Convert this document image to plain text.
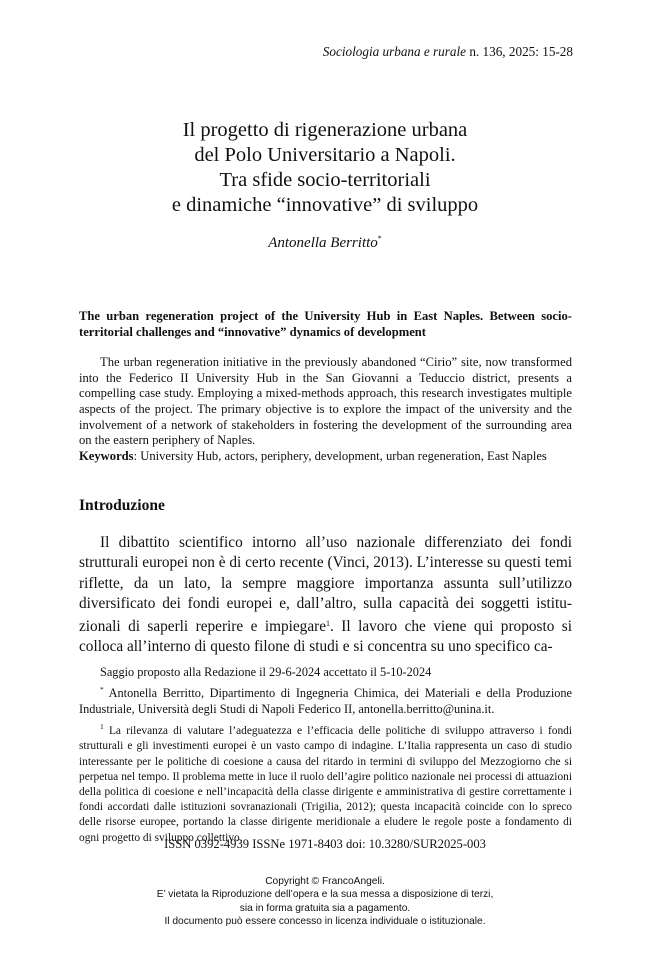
Sociologia urbana e rurale n. 136, 2025: 15-28
Il progetto di rigenerazione urbana
del Polo Universitario a Napoli.
Tra sfide socio-territoriali
e dinamiche “innovative” di sviluppo
Antonella Berritto*
The urban regeneration project of the University Hub in East Naples. Between socio-territorial challenges and “innovative” dynamics of development
The urban regeneration initiative in the previously abandoned “Cirio” site, now transformed into the Federico II University Hub in the San Giovanni a Teduccio district, presents a compelling case study. Employing a mixed-methods approach, this research investigates multiple aspects of the project. The primary objective is to explore the impact of the university and the involvement of a network of stakeholders in fostering the development of the surrounding area on the eastern periphery of Naples.
Keywords: University Hub, actors, periphery, development, urban regeneration, East Naples
Introduzione
Il dibattito scientifico intorno all’uso nazionale differenziato dei fondi strutturali europei non è di certo recente (Vinci, 2013). L’interesse su questi temi riflette, da un lato, la sempre maggiore importanza assunta sull’utilizzo diversificato dei fondi europei e, dall’altro, sulla capacità dei soggetti istituzionali di saperli reperire e impiegare$^1$. Il lavoro che viene qui proposto si colloca all’interno di questo filone di studi e si concentra su uno specifico ca-

Saggio proposto alla Redazione il 29-6-2024 accettato il 5-10-2024

* Antonella Berritto, Dipartimento di Ingegneria Chimica, dei Materiali e della Produzione Industriale, Università degli Studi di Napoli Federico II, antonella.berritto@unina.it.

$^1$ La rilevanza di valutare l’adeguatezza e l’efficacia delle politiche di sviluppo attraverso i fondi strutturali e gli investimenti europei è un vasto campo di indagine. L’Italia rappresenta un caso di studio interessante per le politiche di coesione a causa del ritardo in termini di sviluppo del Mezzogiorno che si perpetua nel tempo. Il problema mette in luce il ruolo dell’agire politico nazionale nei processi di attuazioni della politica di coesione e nell’incapacità della classe dirigente e amministrativa di gestire correttamente i fondi accordati dalle istituzioni sovranazionali (Trigilia, 2012); questa incapacità coincide con lo spreco delle risorse europee, portando la classe dirigente meridionale a eludere le regole poste a fondamento di ogni progetto di sviluppo collettivo.

ISSN 0392-4939 ISSNe 1971-8403 doi: 10.3280/SUR2025-003
Copyright © FrancoAngeli.
E’ vietata la Riproduzione dell’opera e la sua messa a disposizione di terzi,
sia in forma gratuita sia a pagamento.
Il documento può essere concesso in licenza individuale o istituzionale.
